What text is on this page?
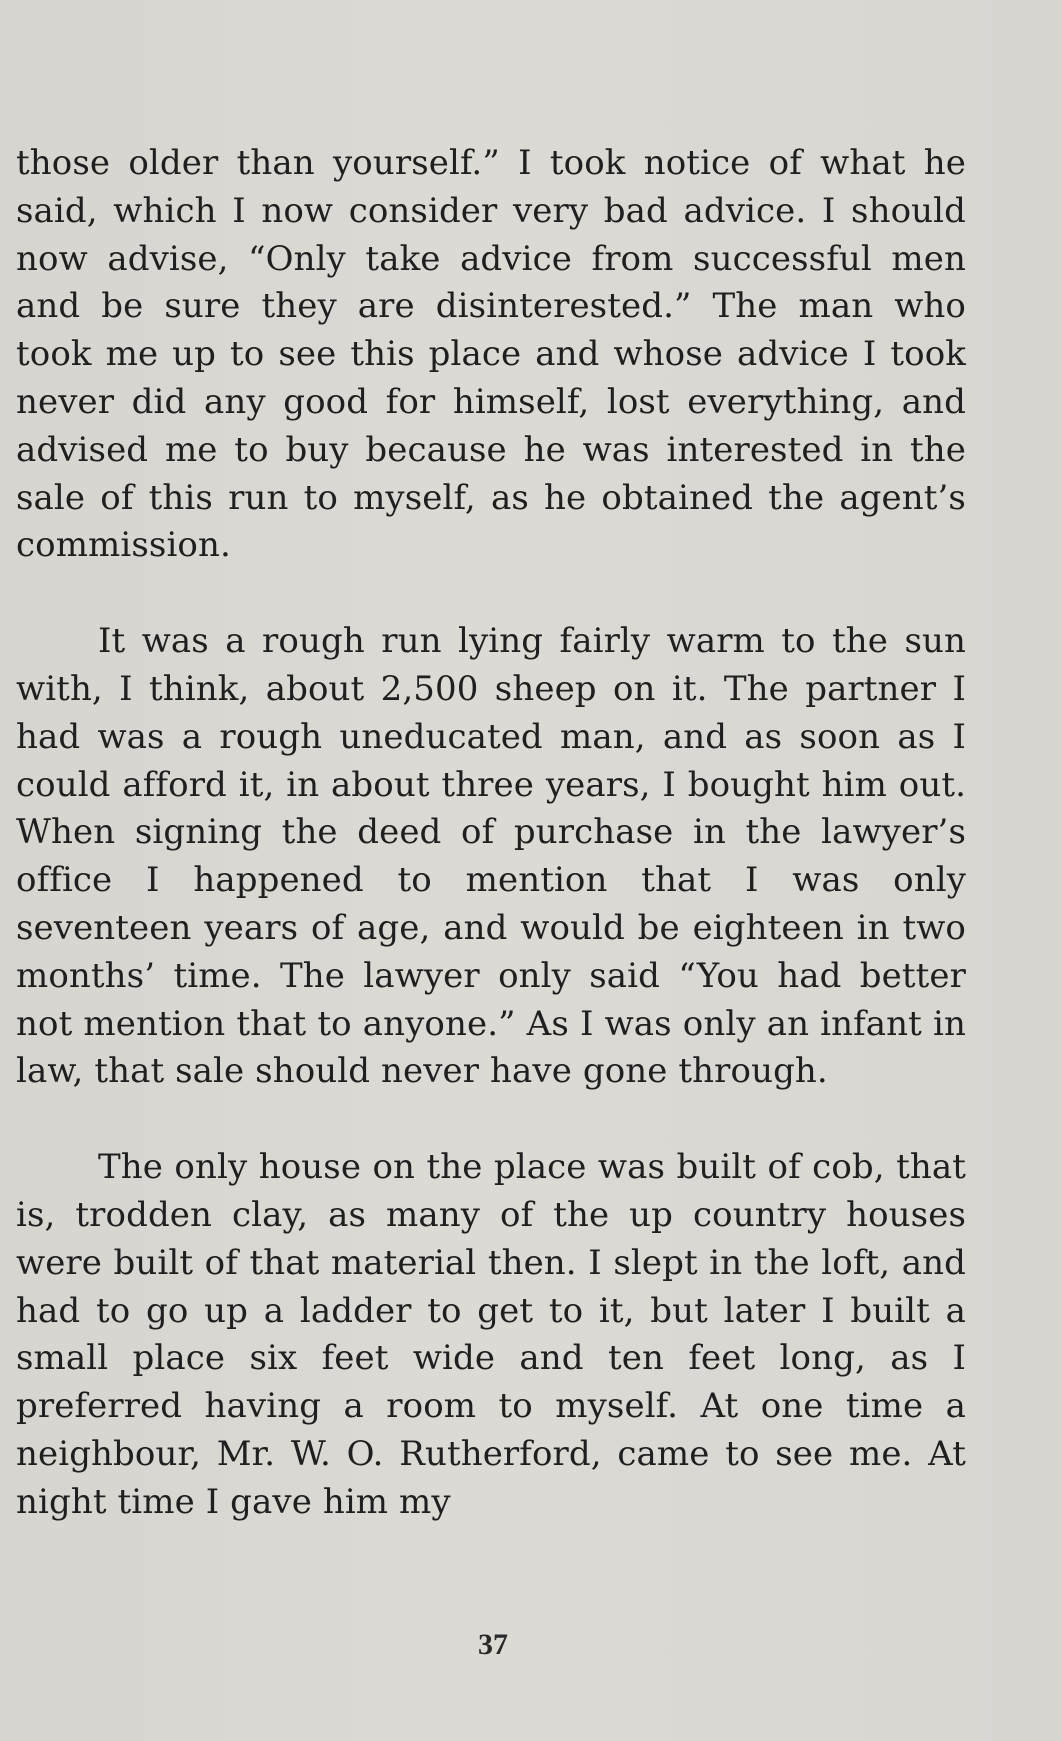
those older than yourself.” I took notice of what he said, which I now consider very bad advice. I should now advise, “Only take advice from successful men and be sure they are disinterested.” The man who took me up to see this place and whose advice I took never did any good for himself, lost everything, and advised me to buy because he was interested in the sale of this run to myself, as he obtained the agent’s commission.

It was a rough run lying fairly warm to the sun with, I think, about 2,500 sheep on it. The partner I had was a rough uneducated man, and as soon as I could afford it, in about three years, I bought him out. When signing the deed of purchase in the lawyer’s office I happened to mention that I was only seventeen years of age, and would be eighteen in two months’ time. The lawyer only said “You had better not mention that to anyone.” As I was only an infant in law, that sale should never have gone through.

The only house on the place was built of cob, that is, trodden clay, as many of the up country houses were built of that material then. I slept in the loft, and had to go up a ladder to get to it, but later I built a small place six feet wide and ten feet long, as I preferred having a room to myself. At one time a neighbour, Mr. W. O. Rutherford, came to see me. At night time I gave him my

37
